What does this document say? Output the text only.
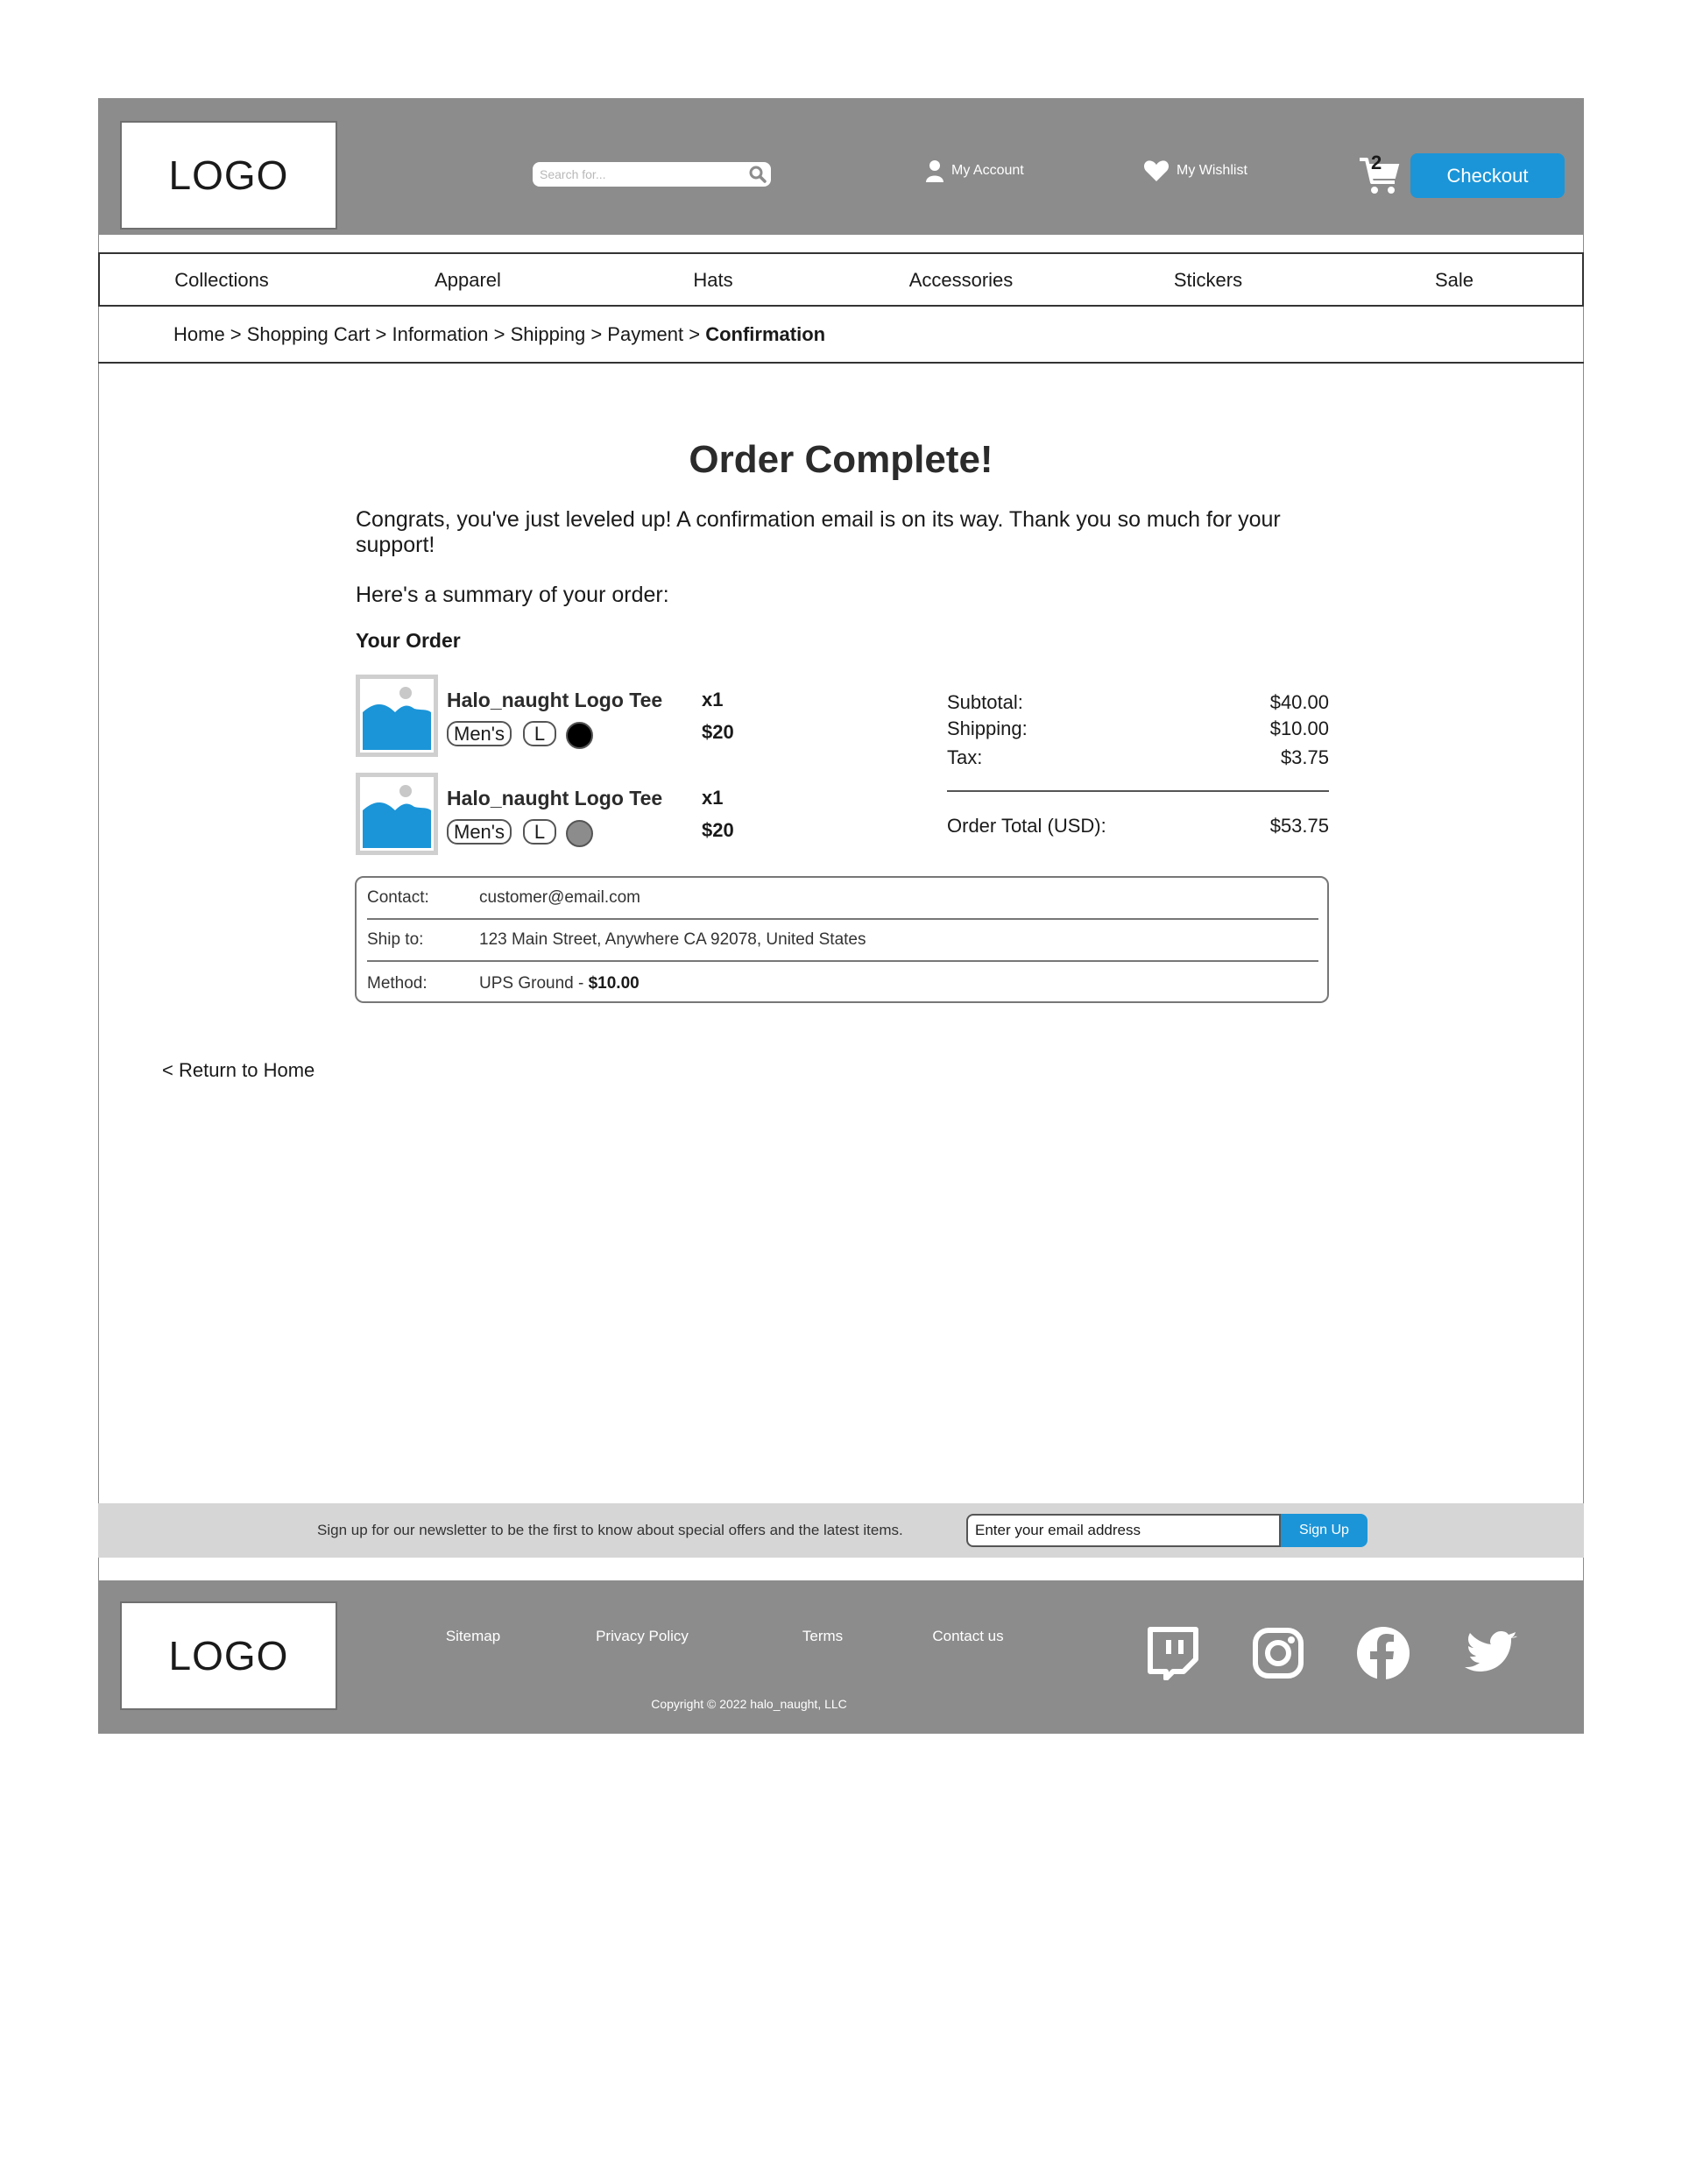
LOGO
Search for...	My Account	My Wishlist	2
Checkout
Collections	Apparel	Hats	Accessories	Stickers	Sale
Home > Shopping Cart > Information > Shipping > Payment > Confirmation
Order Complete!
Congrats, you've just leveled up! A confirmation email is on its way. Thank you so much for your support!
Here's a summary of your order:
Your Order
Halo_naught Logo Tee
Men's	L
x1
$20
Halo_naught Logo Tee
Men's	L
x1
$20
Subtotal:	$40.00
Shipping:	$10.00
Tax:	$3.75
Order Total (USD):	$53.75
Contact:	customer@email.com
Ship to:	123 Main Street, Anywhere CA 92078, United States
Method:	UPS Ground - $10.00
< Return to Home
Sign up for our newsletter to be the first to know about special offers and the latest items.
Enter your email address	Sign Up
LOGO	Sitemap	Privacy Policy	Terms	Contact us
Copyright © 2022 halo_naught, LLC
